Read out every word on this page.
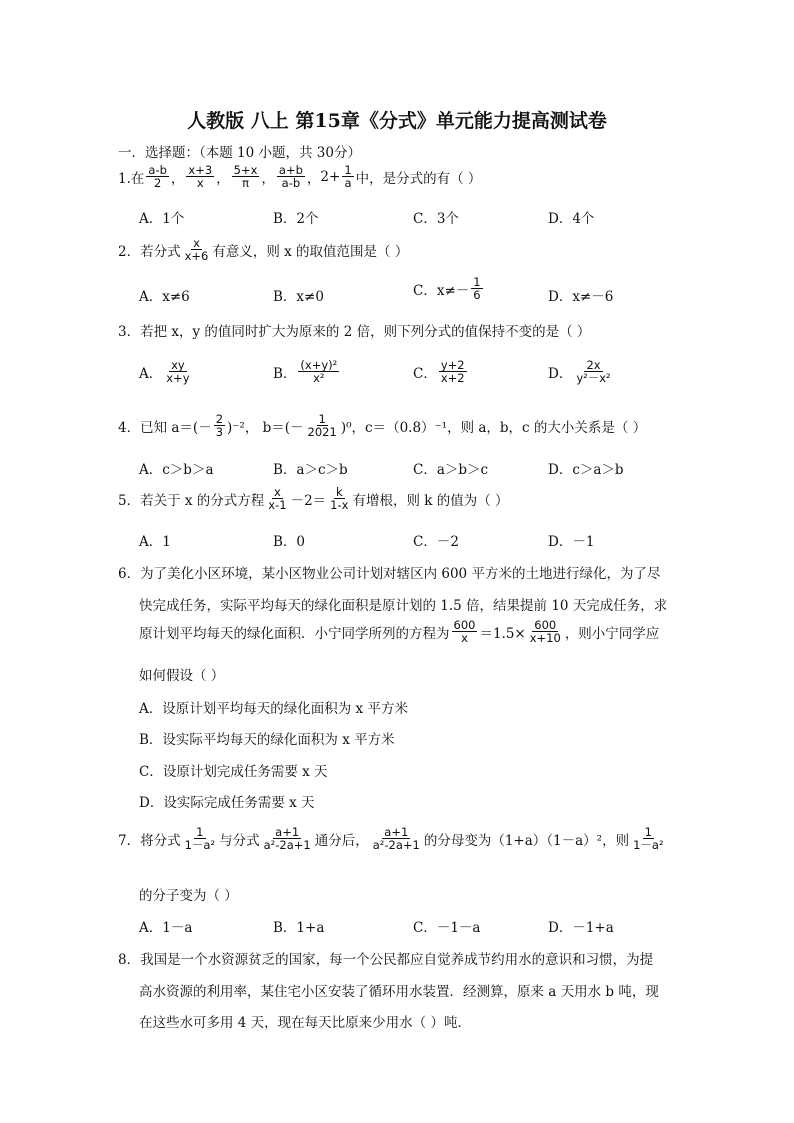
人教版 八上 第15章《分式》单元能力提高测试卷
一．选择题：（本题 10 小题，共 30分）
1.在 $\frac{a-b}{2}$ ， $\frac{x+3}{x}$ ， $\frac{5+x}{\pi}$ ， $\frac{a+b}{a-b}$ ， $2+ \frac{1}{a}$ 中，是分式的有（ ）
A．1个	B．2个	C．3个	D．4个
2．若分式 $\frac{x}{x+6}$ 有意义，则 x 的取值范围是（ ）
A．x≠6	B．x≠0	C．$x\ne- \frac{1}{6}$	D．x≠－6
3．若把 x，y 的值同时扩大为原来的 2 倍，则下列分式的值保持不变的是（ ）
A． $\frac{xy}{x+y}$	B． $\frac{\text{(x+y)²}}{\text{x²}}$	C． $\frac{y+2}{x+2}$	D． $\frac{2x}{\text{y²－x²}}$
4．已知 $a=(- \frac{2}{3} )^{-2}$， $b=(- \frac{1}{2021} )^0$，c＝（0.8）⁻¹，则 a，b，c 的大小关系是（ ）
A．c＞b＞a	B．a＞c＞b	C．a＞b＞c	D．c＞a＞b
5．若关于 x 的分式方程 $\frac{x}{x-1} -2= \frac{k}{1-x}$ 有增根，则 k 的值为（ ）
A．1	B．0	C．－2	D．－1
6．为了美化小区环境，某小区物业公司计划对辖区内 600 平方米的土地进行绿化，为了尽
快完成任务，实际平均每天的绿化面积是原计划的 1.5 倍，结果提前 10 天完成任务，求
原计划平均每天的绿化面积．小宁同学所列的方程为 $\frac{600}{x} =1.5\times \frac{600}{x+10}$ ，则小宁同学应
如何假设（ ）
A．设原计划平均每天的绿化面积为 x 平方米
B．设实际平均每天的绿化面积为 x 平方米
C．设原计划完成任务需要 x 天
D．设实际完成任务需要 x 天
7．将分式 $\frac{1}{\text{1－a²}}$ 与分式 $\frac{a+1}{\text{a²-2a+1}}$ 通分后， $\frac{a+1}{\text{a²-2a+1}}$ 的分母变为（1+a）（1－a）²，则 $\frac{1}{\text{1－a²}}$
的分子变为（ ）
A．1－a	B．1+a	C．－1－a	D．－1+a
8．我国是一个水资源贫乏的国家，每一个公民都应自觉养成节约用水的意识和习惯，为提
高水资源的利用率，某住宅小区安装了循环用水装置．经测算，原来 a 天用水 b 吨，现
在这些水可多用 4 天，现在每天比原来少用水（ ）吨．
